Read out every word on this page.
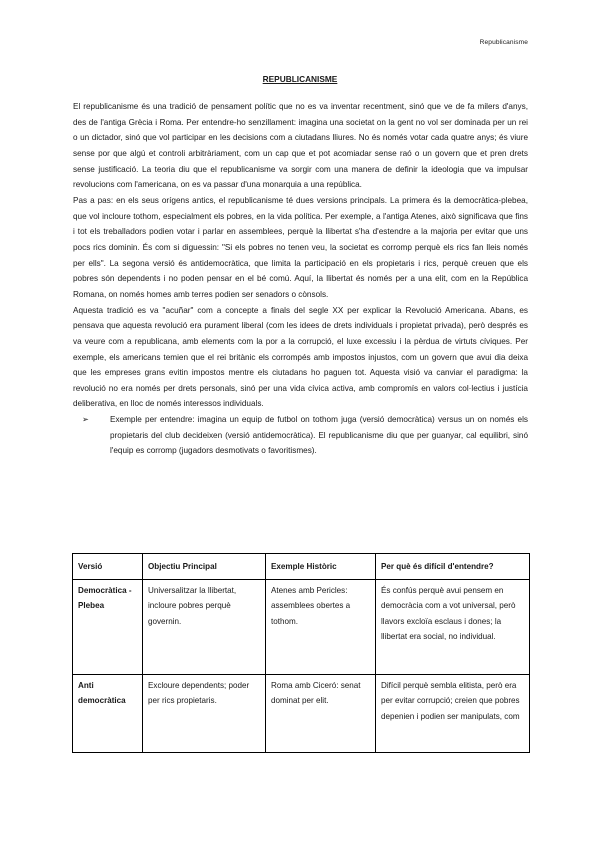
Republicanisme
REPUBLICANISME

El republicanisme és una tradició de pensament polític que no es va inventar recentment, sinó que ve de fa milers d'anys, des de l'antiga Grècia i Roma. Per entendre-ho senzillament: imagina una societat on la gent no vol ser dominada per un rei o un dictador, sinó que vol participar en les decisions com a ciutadans lliures. No és només votar cada quatre anys; és viure sense por que algú et controli arbitràriament, com un cap que et pot acomiadar sense raó o un govern que et pren drets sense justificació. La teoria diu que el republicanisme va sorgir com una manera de definir la ideologia que va impulsar revolucions com l'americana, on es va passar d'una monarquia a una república.

Pas a pas: en els seus orígens antics, el republicanisme té dues versions principals. La primera és la democràtica-plebea, que vol incloure tothom, especialment els pobres, en la vida política. Per exemple, a l'antiga Atenes, això significava que fins i tot els treballadors podien votar i parlar en assemblees, perquè la llibertat s'ha d'estendre a la majoria per evitar que uns pocs rics dominin. És com si diguessin: "Si els pobres no tenen veu, la societat es corromp perquè els rics fan lleis només per ells". La segona versió és antidemocràtica, que limita la participació en els propietaris i rics, perquè creuen que els pobres són dependents i no poden pensar en el bé comú. Aquí, la llibertat és només per a una elit, com en la República Romana, on només homes amb terres podien ser senadors o cònsols.

Aquesta tradició es va "acuñar" com a concepte a finals del segle XX per explicar la Revolució Americana. Abans, es pensava que aquesta revolució era purament liberal (com les idees de drets individuals i propietat privada), però després es va veure com a republicana, amb elements com la por a la corrupció, el luxe excessiu i la pèrdua de virtuts cíviques. Per exemple, els americans temien que el rei britànic els corrompés amb impostos injustos, com un govern que avui dia deixa que les empreses grans evitin impostos mentre els ciutadans ho paguen tot. Aquesta visió va canviar el paradigma: la revolució no era només per drets personals, sinó per una vida cívica activa, amb compromís en valors col·lectius i justícia deliberativa, en lloc de només interessos individuals.

➢	Exemple per entendre: imagina un equip de futbol on tothom juga (versió democràtica) versus un on només els propietaris del club decideixen (versió antidemocràtica). El republicanisme diu que per guanyar, cal equilibri, sinó l'equip es corromp (jugadors desmotivats o favoritismes).
Versió	Objectiu Principal	Exemple Històric	Per què és difícil d'entendre?
Democràtica -Plebea	Universalitzar la llibertat, incloure pobres perquè governin.	Atenes amb Pericles: assemblees obertes a tothom.	És confús perquè avui pensem en democràcia com a vot universal, però llavors excloïa esclaus i dones; la llibertat era social, no individual.
Anti democràtica	Excloure dependents; poder per rics propietaris.	Roma amb Ciceró: senat dominat per elit.	Difícil perquè sembla elitista, però era per evitar corrupció; creien que pobres depenien i podien ser manipulats, com
